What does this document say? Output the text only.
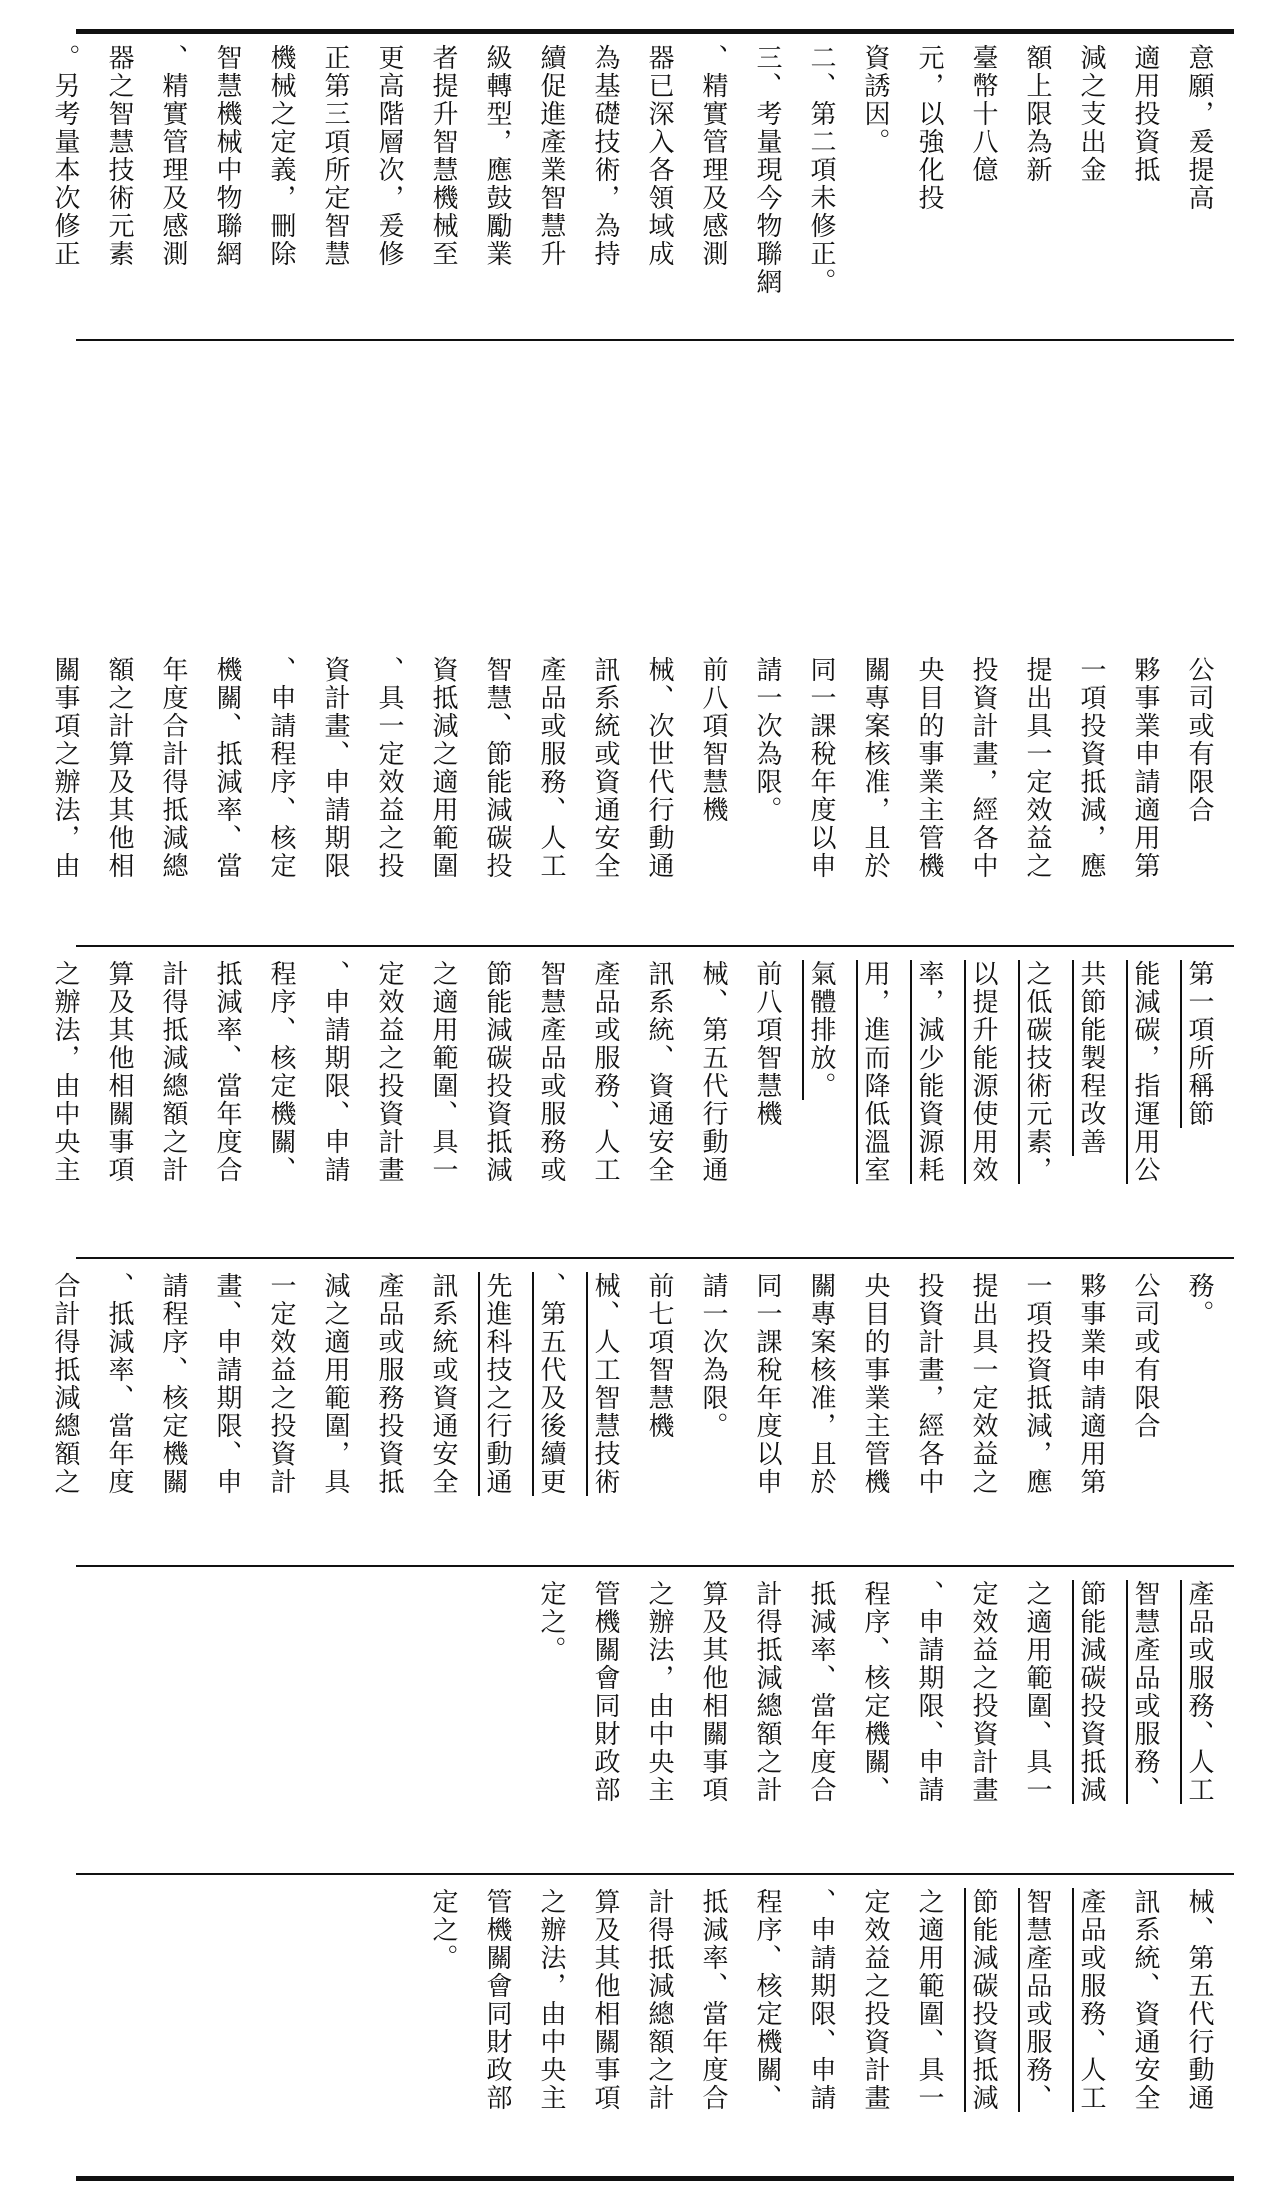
意願，爰提高

適用投資抵

減之支出金

額上限為新

臺幣十八億

元，以強化投

資誘因。

二、第二項未修正。

三、考量現今物聯網

、精實管理及感測

器已深入各領域成

為基礎技術，為持

續促進產業智慧升

級轉型，應鼓勵業

者提升智慧機械至

更高階層次，爰修

正第三項所定智慧

機械之定義，刪除

智慧機械中物聯網

、精實管理及感測

器之智慧技術元素

。另考量本次修正

公司或有限合

夥事業申請適用第

一項投資抵減，應

提出具一定效益之

投資計畫，經各中

央目的事業主管機

關專案核准，且於

同一課稅年度以申

請一次為限。

前八項智慧機

械、次世代行動通

訊系統或資通安全

產品或服務、人工

智慧、節能減碳投

資抵減之適用範圍

、具一定效益之投

資計畫、申請期限

、申請程序、核定

機關、抵減率、當

年度合計得抵減總

額之計算及其他相

關事項之辦法，由

第一項所稱節

能減碳，指運用公

共節能製程改善

之低碳技術元素，

以提升能源使用效

率，減少能資源耗

用，進而降低溫室

氣體排放。

前八項智慧機

械、第五代行動通

訊系統、資通安全

產品或服務、人工

智慧產品或服務或

節能減碳投資抵減

之適用範圍、具一

定效益之投資計畫

、申請期限、申請

程序、核定機關、

抵減率、當年度合

計得抵減總額之計

算及其他相關事項

之辦法，由中央主

務。

公司或有限合

夥事業申請適用第

一項投資抵減，應

提出具一定效益之

投資計畫，經各中

央目的事業主管機

關專案核准，且於

同一課稅年度以申

請一次為限。

前七項智慧機

械、人工智慧技術

、第五代及後續更

先進科技之行動通

訊系統或資通安全

產品或服務投資抵

減之適用範圍，具

一定效益之投資計

畫、申請期限、申

請程序、核定機關

、抵減率、當年度

合計得抵減總額之

產品或服務、人工

智慧產品或服務、

節能減碳投資抵減

之適用範圍、具一

定效益之投資計畫

、申請期限、申請

程序、核定機關、

抵減率、當年度合

計得抵減總額之計

算及其他相關事項

之辦法，由中央主

管機關會同財政部

定之。

械、第五代行動通

訊系統、資通安全

產品或服務、人工

智慧產品或服務、

節能減碳投資抵減

之適用範圍、具一

定效益之投資計畫

、申請期限、申請

程序、核定機關、

抵減率、當年度合

計得抵減總額之計

算及其他相關事項

之辦法，由中央主

管機關會同財政部

定之。
